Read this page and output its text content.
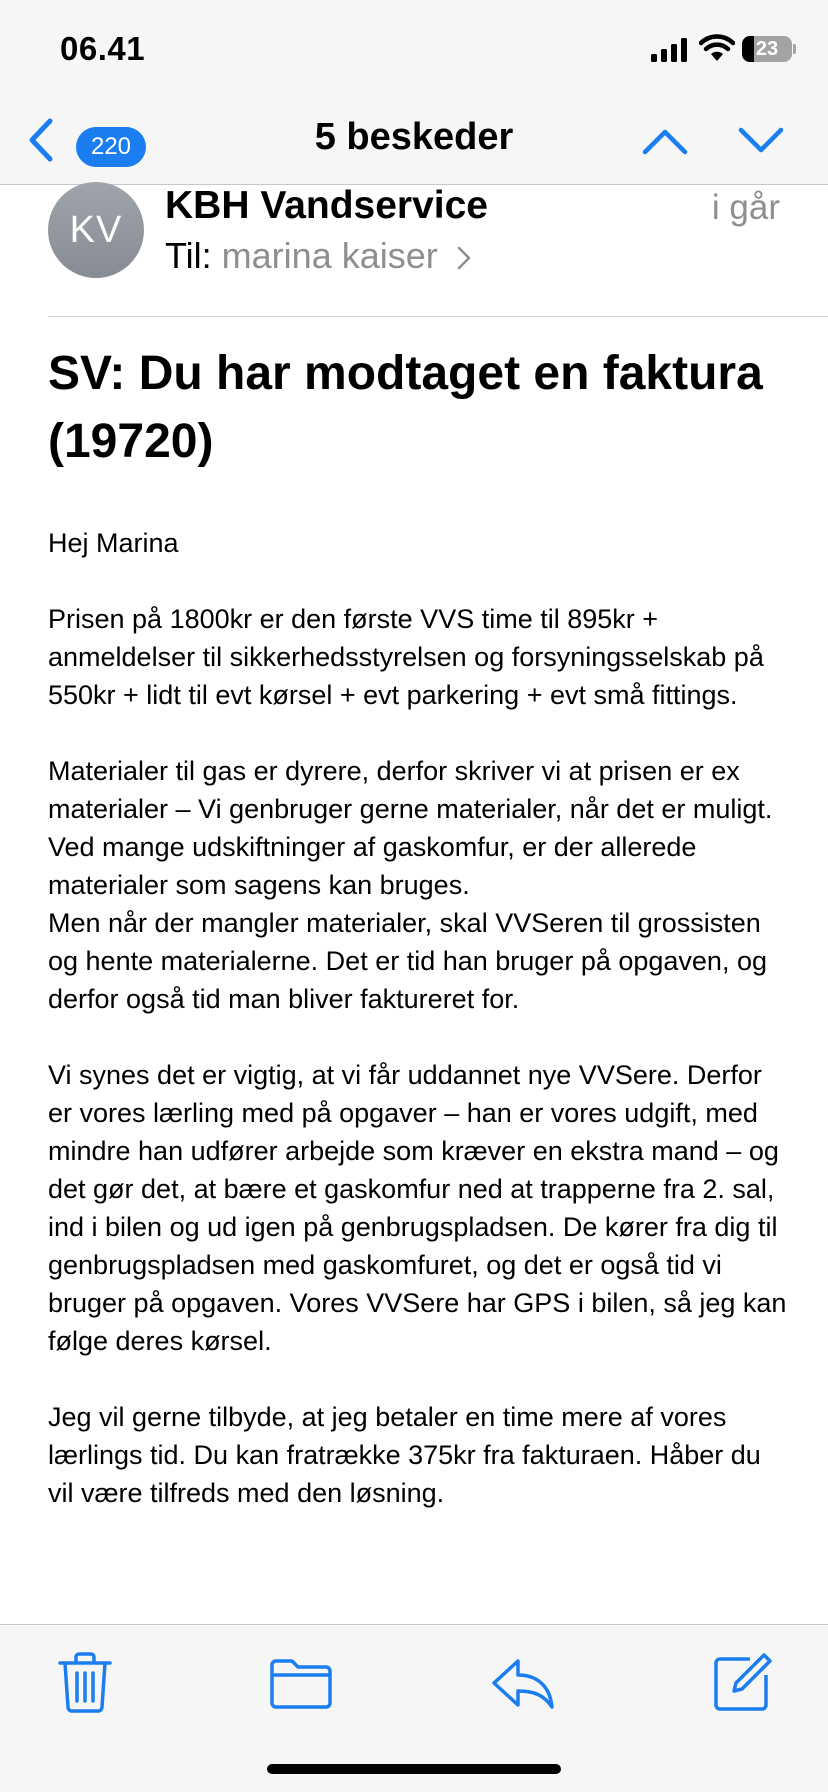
06.41	23
220	5 beskeder
KV
KBH Vandservice	i går
Til: marina kaiser
SV: Du har modtaget en faktura (19720)

Hej Marina

Prisen på 1800kr er den første VVS time til 895kr + anmeldelser til sikkerhedsstyrelsen og forsyningsselskab på 550kr + lidt til evt kørsel + evt parkering + evt små fittings.

Materialer til gas er dyrere, derfor skriver vi at prisen er ex materialer – Vi genbruger gerne materialer, når det er muligt. Ved mange udskiftninger af gaskomfur, er der allerede materialer som sagens kan bruges.
Men når der mangler materialer, skal VVSeren til grossisten og hente materialerne. Det er tid han bruger på opgaven, og derfor også tid man bliver faktureret for.

Vi synes det er vigtig, at vi får uddannet nye VVSere. Derfor er vores lærling med på opgaver – han er vores udgift, med mindre han udfører arbejde som kræver en ekstra mand – og det gør det, at bære et gaskomfur ned at trapperne fra 2. sal, ind i bilen og ud igen på genbrugspladsen. De kører fra dig til genbrugspladsen med gaskomfuret, og det er også tid vi bruger på opgaven. Vores VVSere har GPS i bilen, så jeg kan følge deres kørsel.

Jeg vil gerne tilbyde, at jeg betaler en time mere af vores lærlings tid. Du kan fratrække 375kr fra fakturaen. Håber du vil være tilfreds med den løsning.
